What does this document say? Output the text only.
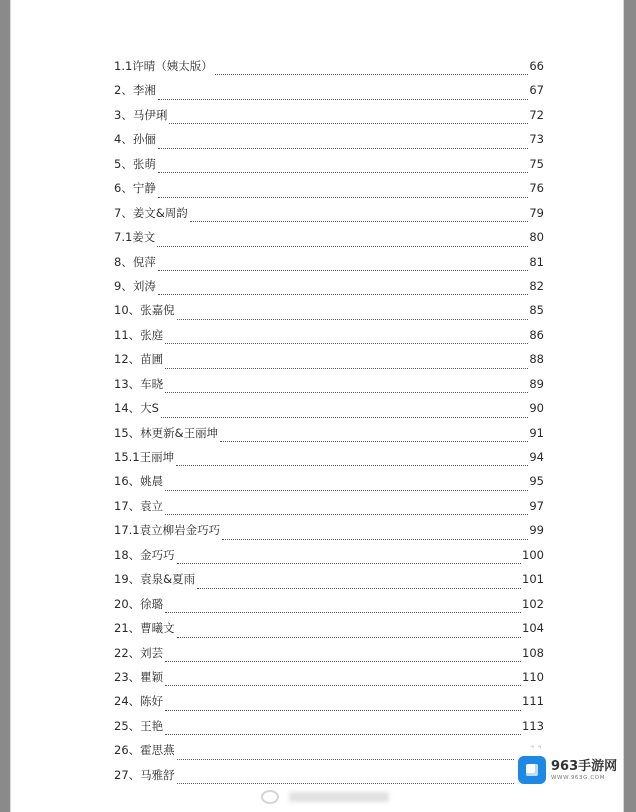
1.1许晴（姨太版）	66
2、李湘	67
3、马伊琍	72
4、孙俪	73
5、张萌	75
6、宁静	76
7、姜文&周韵	79
7.1姜文	80
8、倪萍	81
9、刘涛	82
10、张嘉倪	85
11、张庭	86
12、苗圃	88
13、车晓	89
14、大S	90
15、林更新&王丽坤	91
15.1王丽坤	94
16、姚晨	95
17、袁立	97
17.1袁立柳岩金巧巧	99
18、金巧巧	100
19、袁泉&夏雨	101
20、徐璐	102
21、曹曦文	104
22、刘芸	108
23、瞿颖	110
24、陈好	111
25、王艳	113
26、霍思燕
27、马雅舒
963手游网
WWW.963G.COM
